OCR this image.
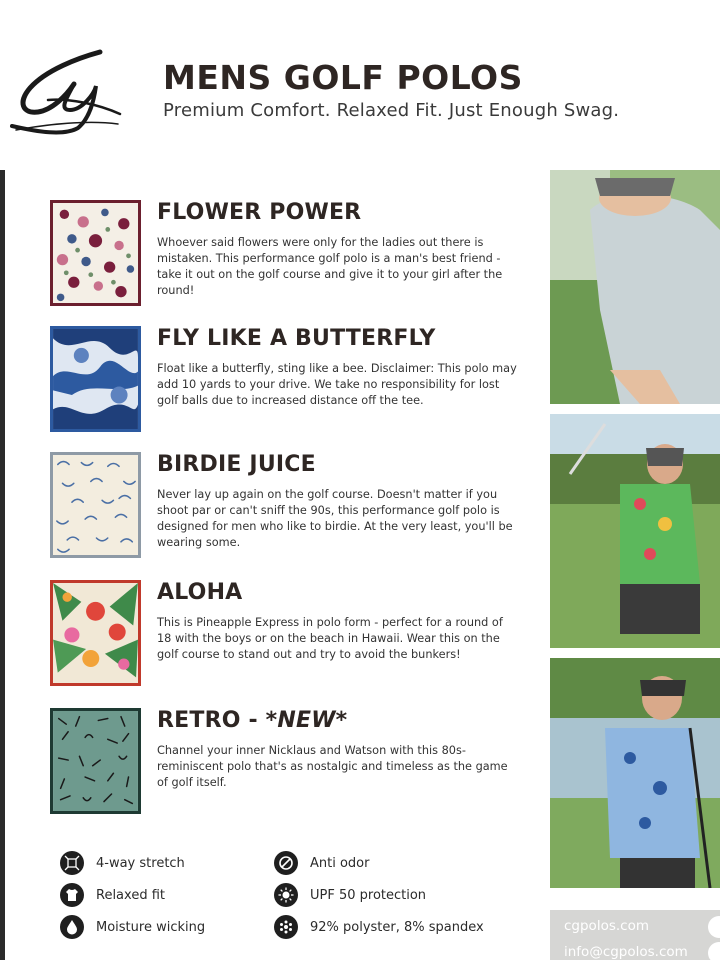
MENS GOLF POLOS
Premium Comfort. Relaxed Fit. Just Enough Swag.
FLOWER POWER
Whoever said flowers were only for the ladies out there is mistaken. This performance golf polo is a man's best friend - take it out on the golf course and give it to your girl after the round!
FLY LIKE A BUTTERFLY
Float like a butterfly, sting like a bee. Disclaimer: This polo may add 10 yards to your drive. We take no responsibility for lost golf balls due to increased distance off the tee.
BIRDIE JUICE
Never lay up again on the golf course. Doesn't matter if you shoot par or can't sniff the 90s, this performance golf polo is designed for men who like to birdie. At the very least, you'll be wearing some.
ALOHA
This is Pineapple Express in polo form - perfect for a round of 18 with the boys or on the beach in Hawaii. Wear this on the golf course to stand out and try to avoid the bunkers!
RETRO - *NEW*
Channel your inner Nicklaus and Watson with this 80s-reminiscent polo that's as nostalgic and timeless as the game of golf itself.
4-way stretch
Relaxed fit
Moisture wicking
Anti odor
UPF 50 protection
92% polyster, 8% spandex	cgpolos.com
info@cgpolos.com
